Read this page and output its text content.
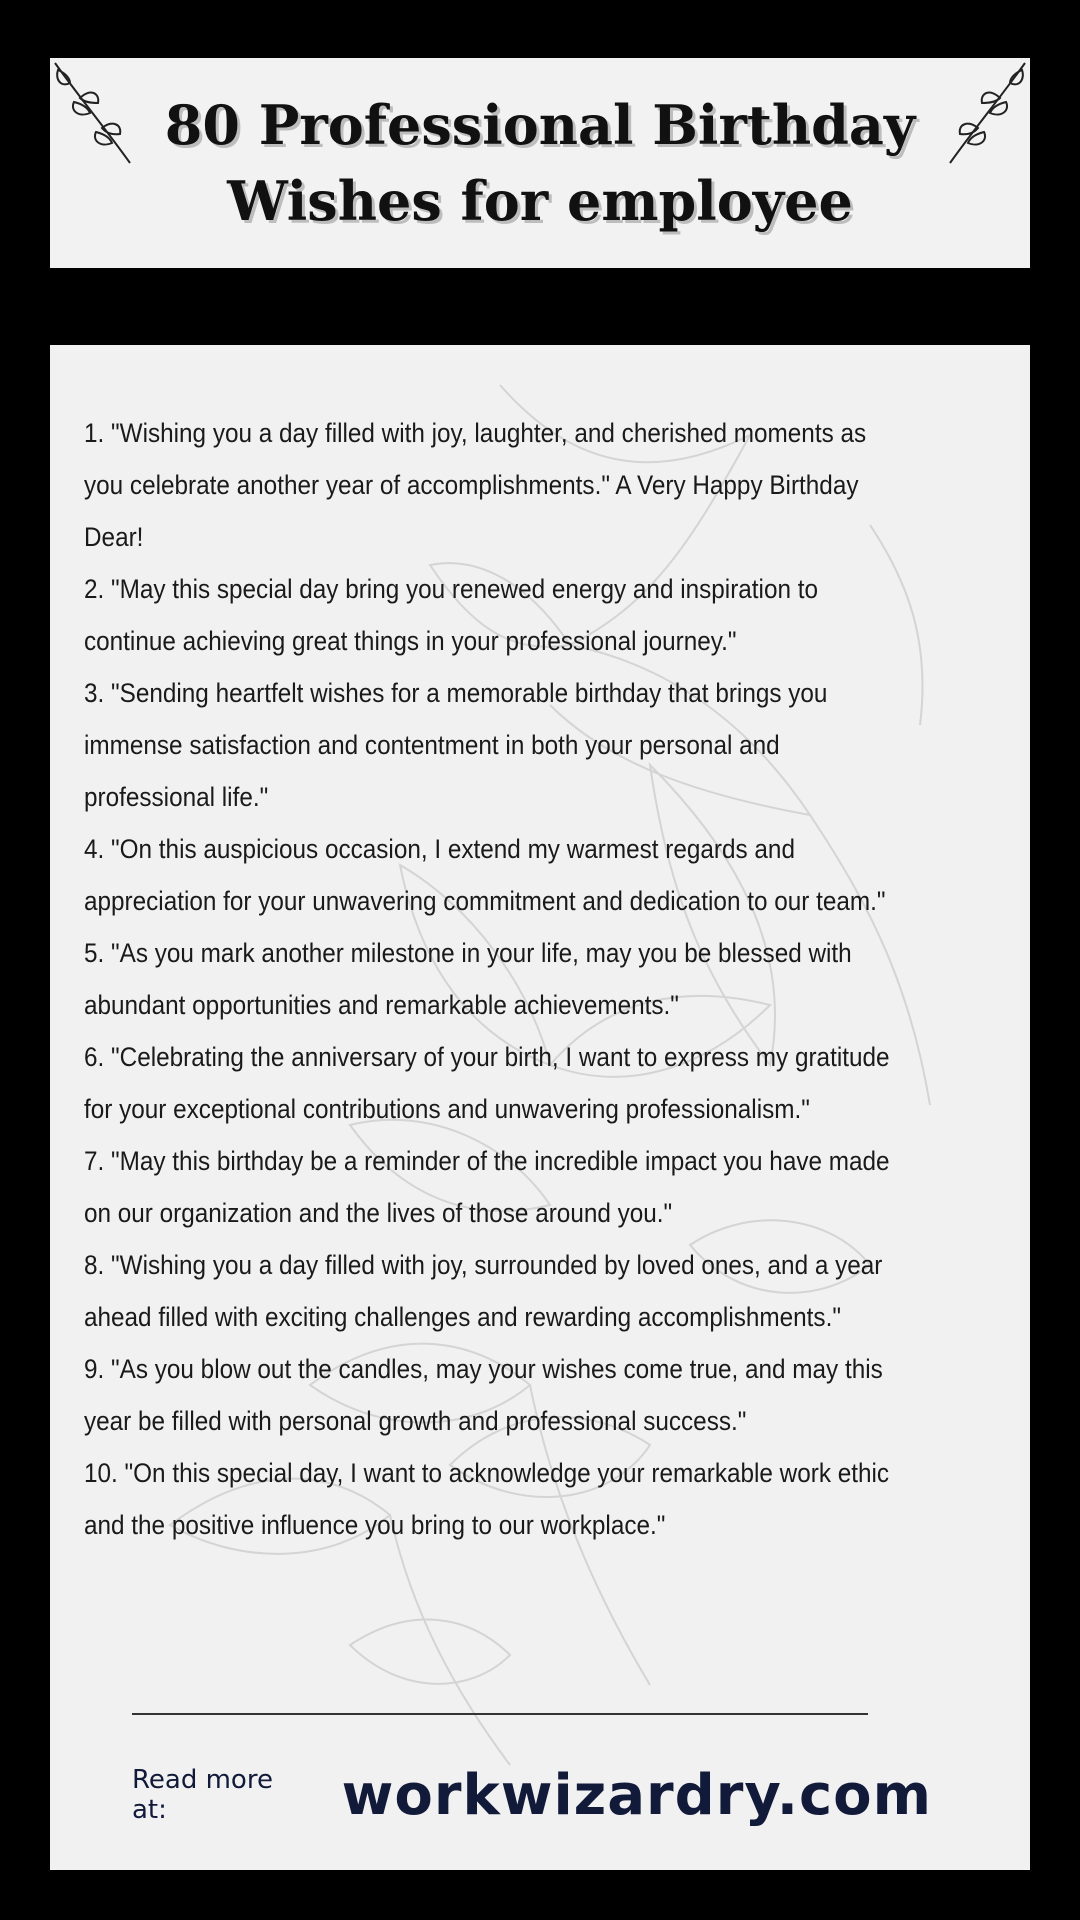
80 Professional Birthday Wishes for employee
1. "Wishing you a day filled with joy, laughter, and cherished moments as you celebrate another year of accomplishments." A Very Happy Birthday Dear!
2. "May this special day bring you renewed energy and inspiration to continue achieving great things in your professional journey."
3. "Sending heartfelt wishes for a memorable birthday that brings you immense satisfaction and contentment in both your personal and professional life."
4. "On this auspicious occasion, I extend my warmest regards and appreciation for your unwavering commitment and dedication to our team."
5. "As you mark another milestone in your life, may you be blessed with abundant opportunities and remarkable achievements."
6. "Celebrating the anniversary of your birth, I want to express my gratitude for your exceptional contributions and unwavering professionalism."
7. "May this birthday be a reminder of the incredible impact you have made on our organization and the lives of those around you."
8. "Wishing you a day filled with joy, surrounded by loved ones, and a year ahead filled with exciting challenges and rewarding accomplishments."
9. "As you blow out the candles, may your wishes come true, and may this year be filled with personal growth and professional success."
10. "On this special day, I want to acknowledge your remarkable work ethic and the positive influence you bring to our workplace."
Read more at:	workwizardry.com
